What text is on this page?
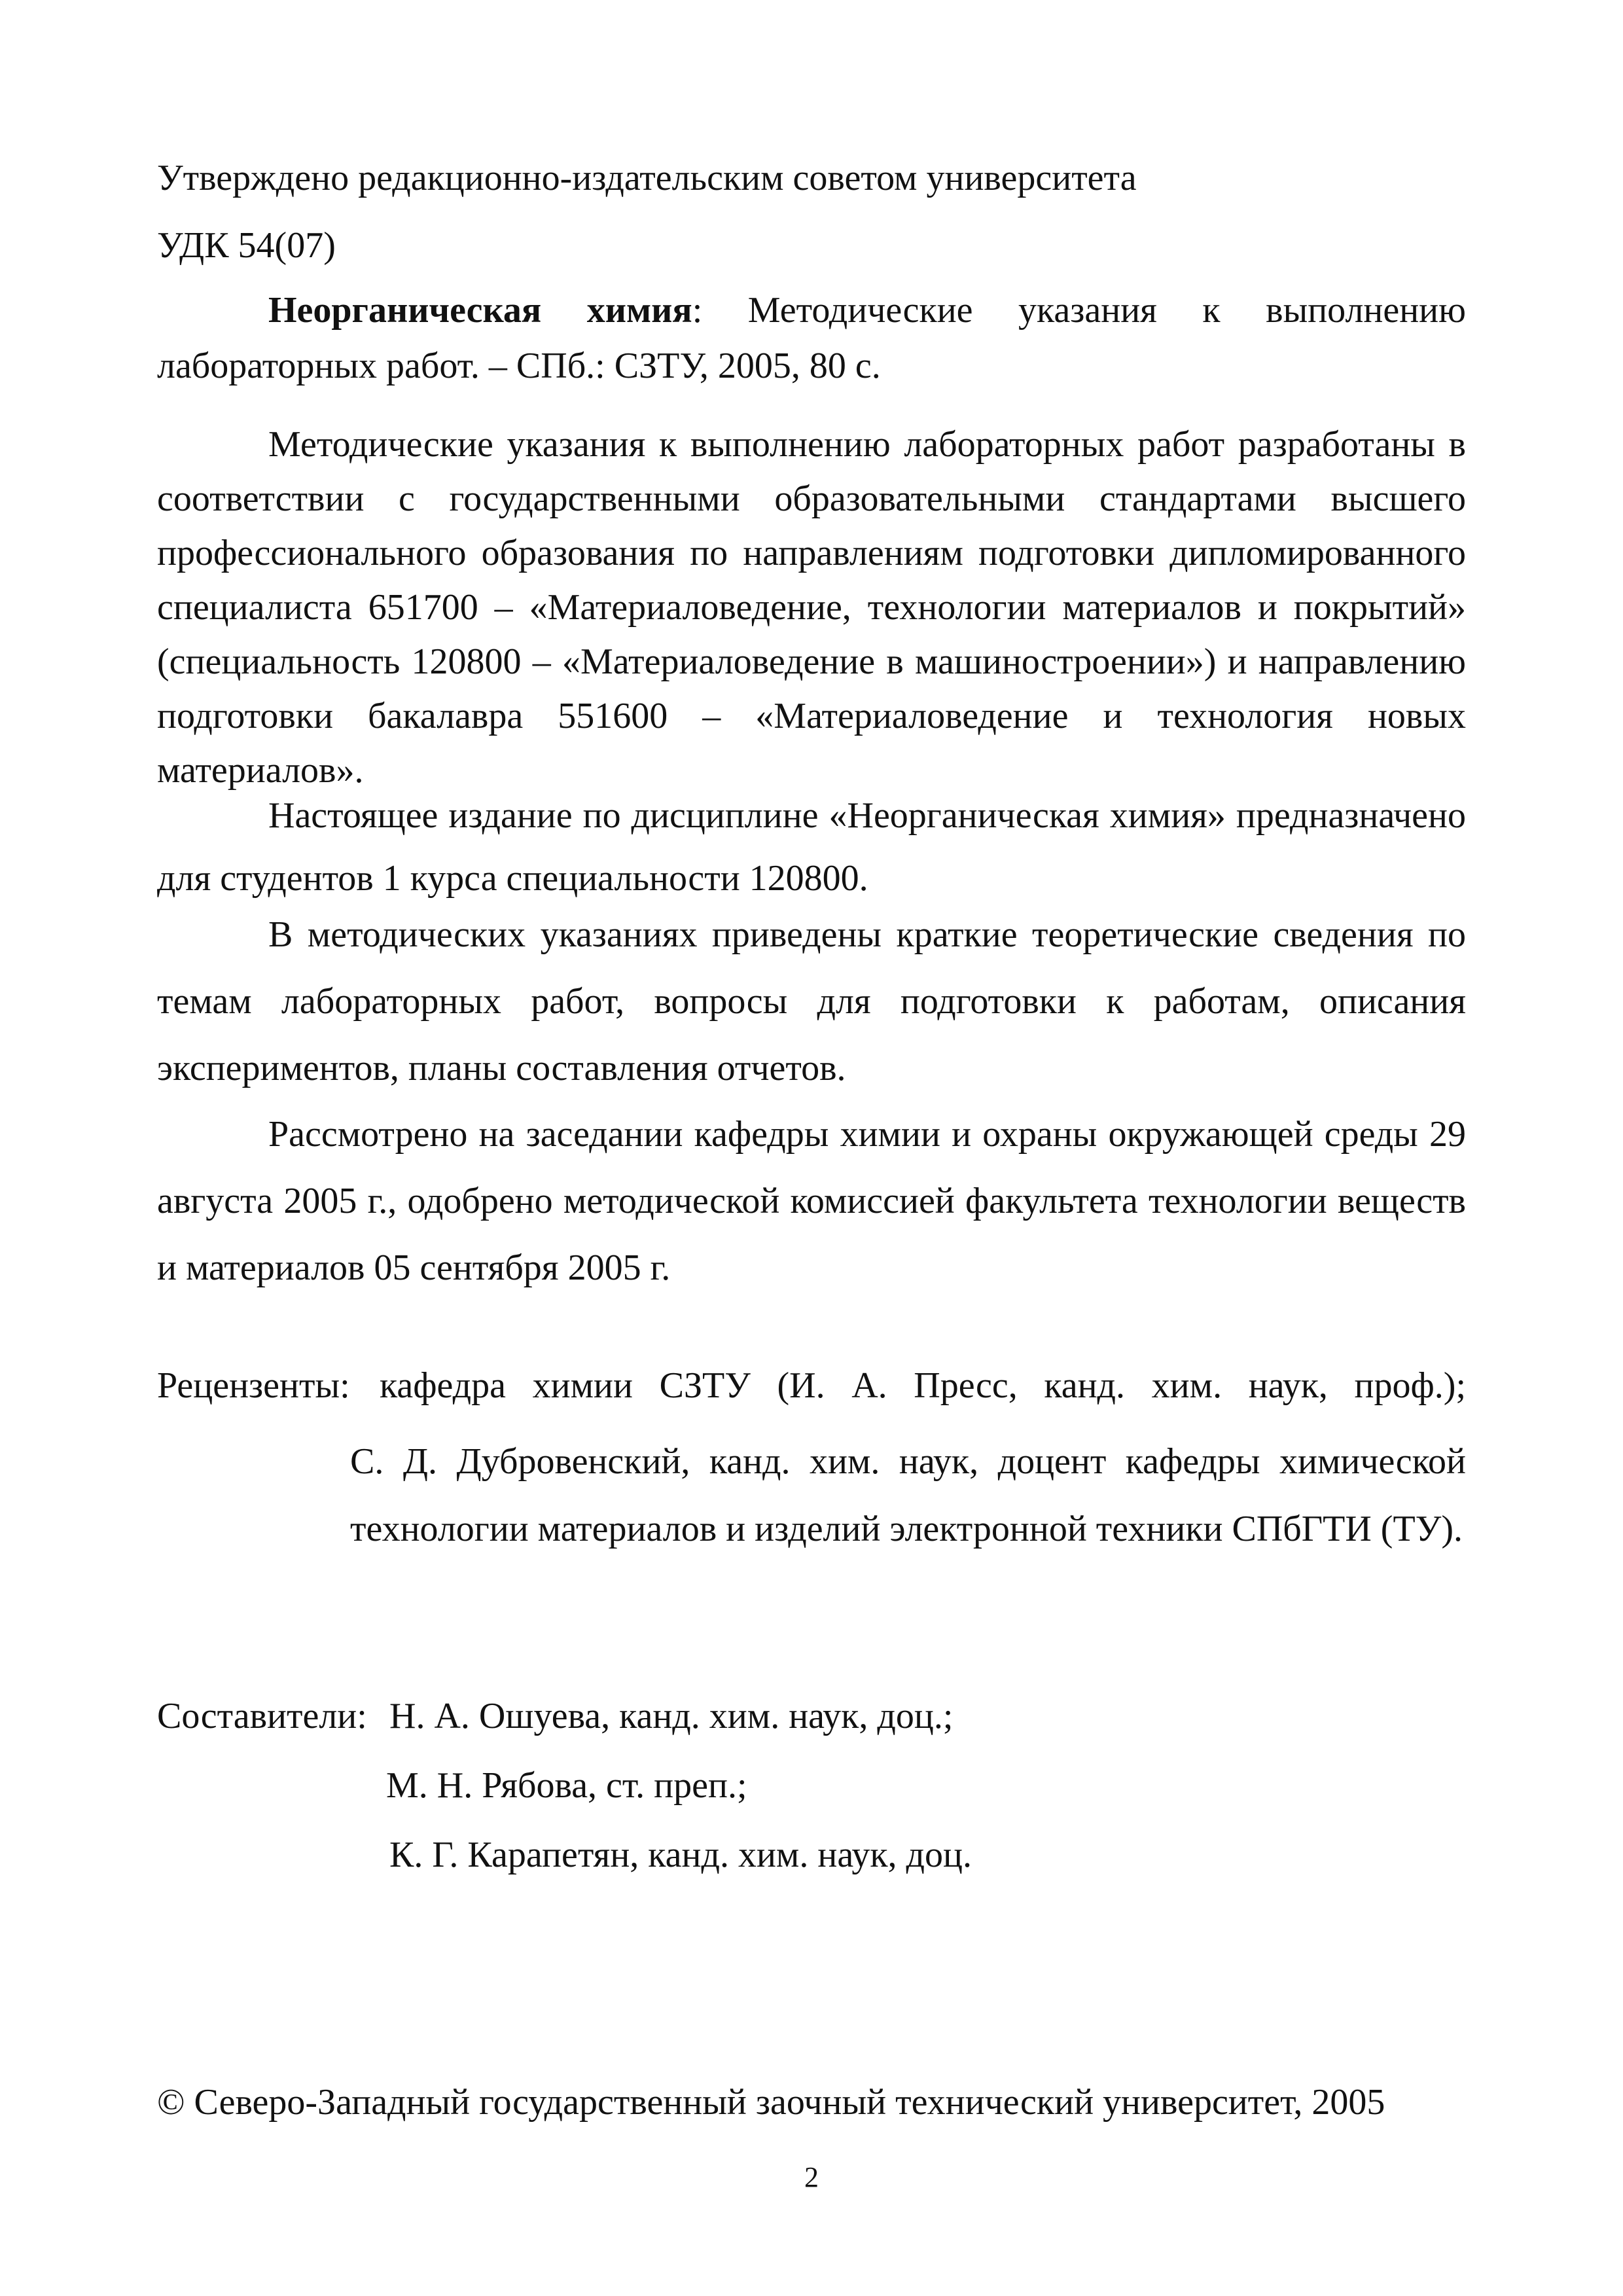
Утверждено редакционно-издательским советом университета
УДК 54(07)
Неорганическая химия: Методические указания к выполнению лабораторных работ. – СПб.: СЗТУ, 2005, 80 с.
Методические указания к выполнению лабораторных работ разработаны в соответствии с государственными образовательными стандартами высшего профессионального образования по направлениям подготовки дипломированного специалиста 651700 – «Материаловедение, технологии материалов и покрытий» (специальность 120800 – «Материаловедение в машиностроении») и направлению подготовки бакалавра 551600 – «Материаловедение и технология новых материалов».
Настоящее издание по дисциплине «Неорганическая химия» предназначено для студентов 1 курса специальности 120800.
В методических указаниях приведены краткие теоретические сведения по темам лабораторных работ, вопросы для подготовки к работам, описания экспериментов, планы составления отчетов.
Рассмотрено на заседании кафедры химии и охраны окружающей среды 29 августа 2005 г., одобрено методической комиссией факультета технологии веществ и материалов 05 сентября 2005 г.
Рецензенты: кафедра химии СЗТУ (И. А. Пресс, канд. хим. наук, проф.);
С. Д. Дубровенский, канд. хим. наук, доцент кафедры химической технологии материалов и изделий электронной техники СПбГТИ (ТУ).
Составители: Н. А. Ошуева, канд. хим. наук, доц.;
М. Н. Рябова, ст. преп.;
К. Г. Карапетян, канд. хим. наук, доц.
© Северо-Западный государственный заочный технический университет, 2005
2
